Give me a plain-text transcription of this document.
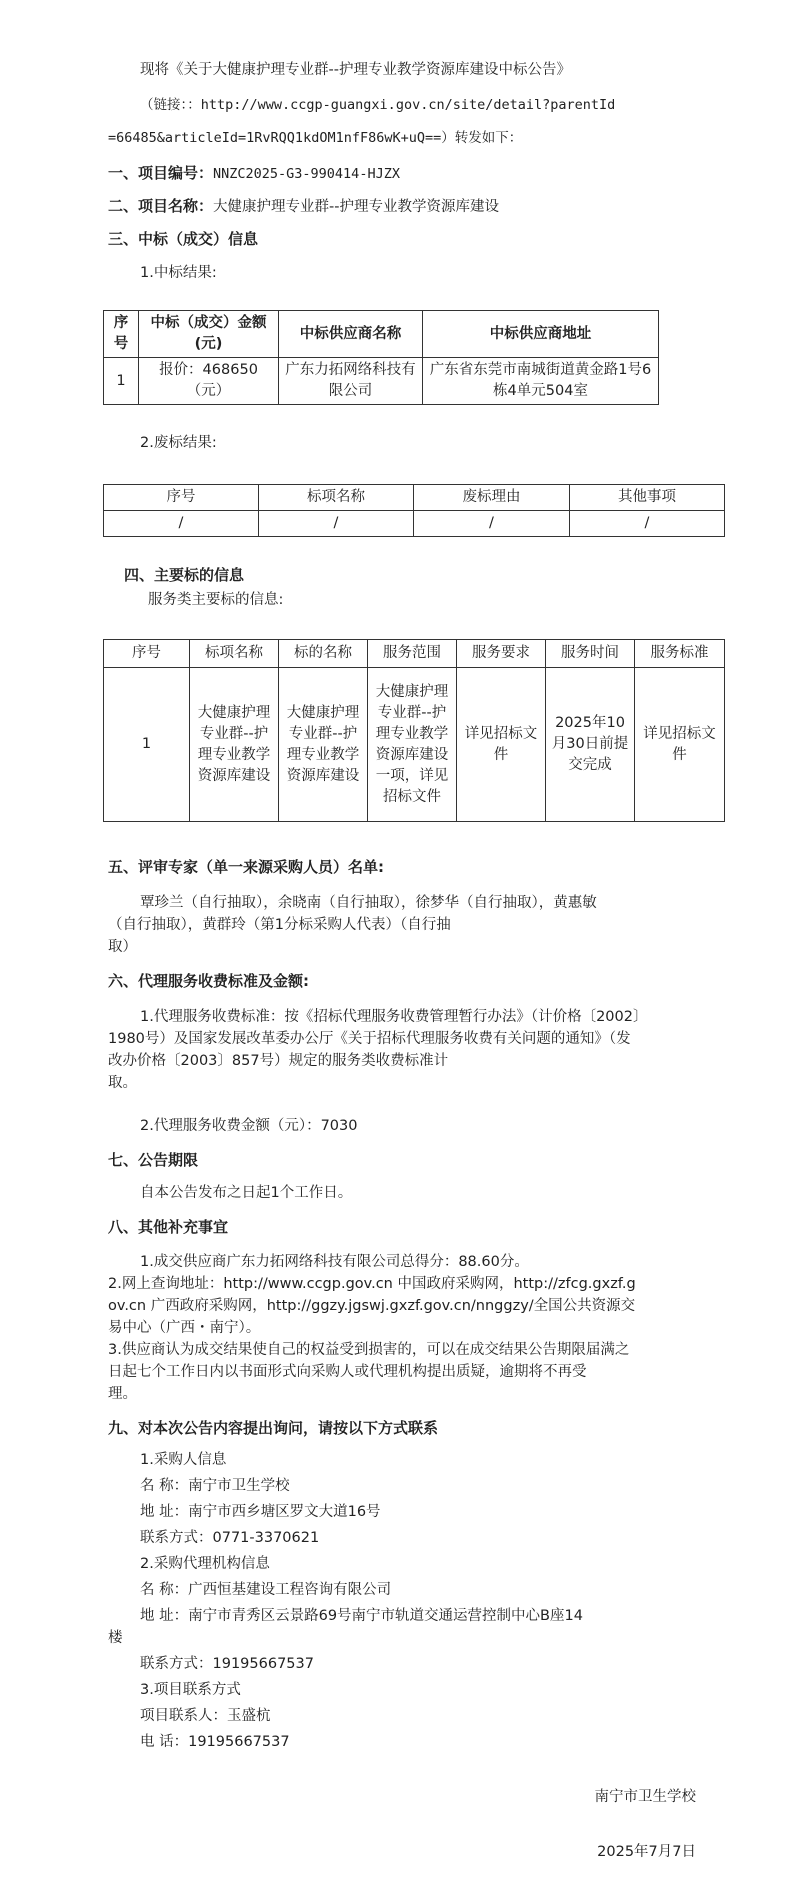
现将《关于大健康护理专业群--护理专业教学资源库建设中标公告》
（链接：：http://www.ccgp-guangxi.gov.cn/site/detail?parentId
=66485&articleId=1RvRQQ1kdOM1nfF86wK+uQ==）转发如下：
一、项目编号：NNZC2025-G3-990414-HJZX
二、项目名称：大健康护理专业群--护理专业教学资源库建设
三、中标（成交）信息
1.中标结果:
序号	中标（成交）金额(元)	中标供应商名称	中标供应商地址
1	报价：468650（元）	广东力拓网络科技有限公司	广东省东莞市南城街道黄金路1号6栋4单元504室
2.废标结果:
序号	标项名称	废标理由	其他事项
/	/	/	/
四、主要标的信息
服务类主要标的信息:
序号	标项名称	标的名称	服务范围	服务要求	服务时间	服务标准
1	大健康护理专业群--护理专业教学资源库建设	大健康护理专业群--护理专业教学资源库建设	大健康护理专业群--护理专业教学资源库建设一项，详见招标文件	详见招标文件	2025年10月30日前提交完成	详见招标文件
五、评审专家（单一来源采购人员）名单:
覃珍兰（自行抽取），余晓南（自行抽取），徐梦华（自行抽取），黄惠敏
（自行抽取），黄群玲（第1分标采购人代表）（自行抽
取）
六、代理服务收费标准及金额:
1.代理服务收费标准：按《招标代理服务收费管理暂行办法》（计价格〔2002〕
1980号）及国家发展改革委办公厅《关于招标代理服务收费有关问题的通知》（发
改办价格〔2003〕857号）规定的服务类收费标准计
取。
2.代理服务收费金额（元）：7030
七、公告期限
自本公告发布之日起1个工作日。
八、其他补充事宜
1.成交供应商广东力拓网络科技有限公司总得分：88.60分。
2.网上查询地址：http://www.ccgp.gov.cn 中国政府采购网，http://zfcg.gxzf.g
ov.cn 广西政府采购网，http://ggzy.jgswj.gxzf.gov.cn/nnggzy/全国公共资源交
易中心（广西・南宁）。
3.供应商认为成交结果使自己的权益受到损害的，可以在成交结果公告期限届满之
日起七个工作日内以书面形式向采购人或代理机构提出质疑，逾期将不再受
理。
九、对本次公告内容提出询问，请按以下方式联系
1.采购人信息
名 称：南宁市卫生学校
地 址：南宁市西乡塘区罗文大道16号
联系方式：0771-3370621
2.采购代理机构信息
名 称：广西恒基建设工程咨询有限公司
地 址：南宁市青秀区云景路69号南宁市轨道交通运营控制中心B座14
楼
联系方式：19195667537
3.项目联系方式
项目联系人：玉盛杭
电 话：19195667537
南宁市卫生学校
2025年7月7日
